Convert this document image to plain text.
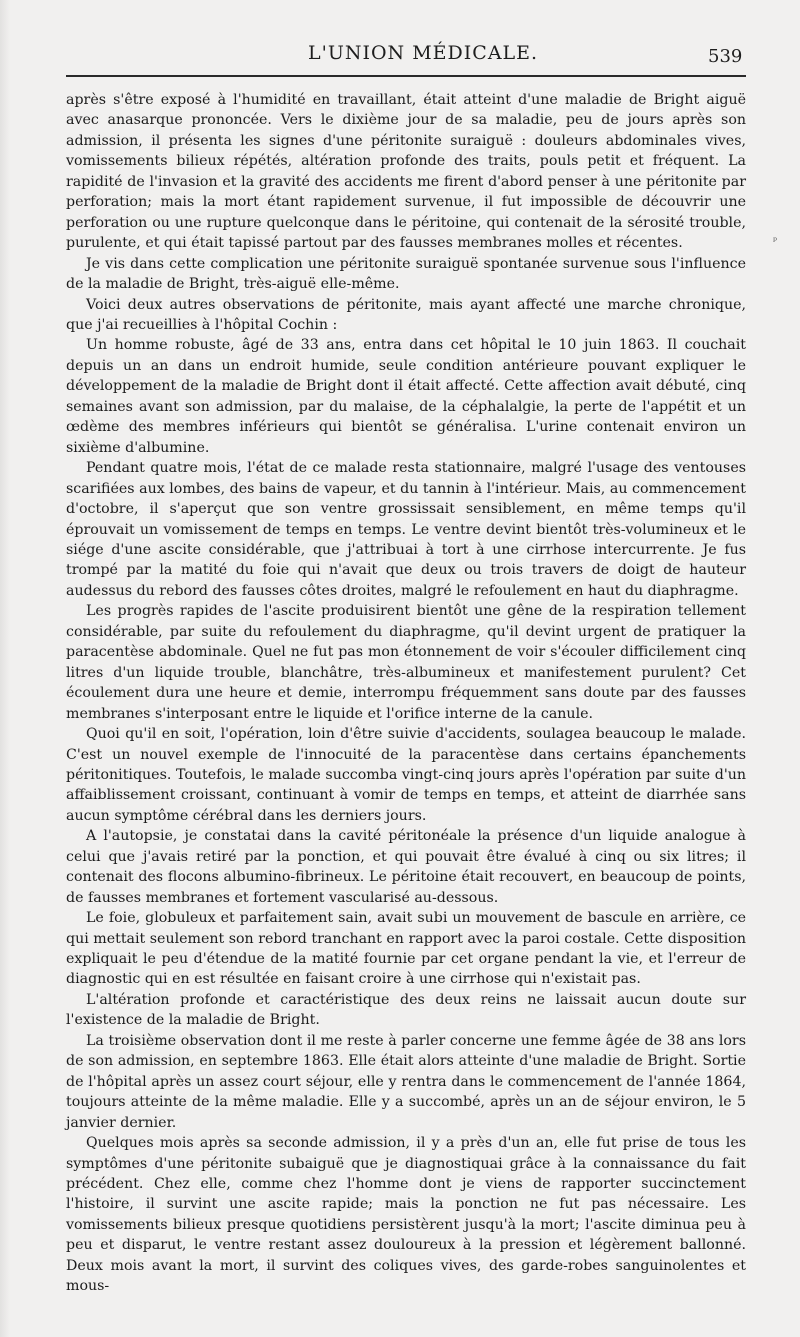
L'UNION MÉDICALE.	539
ᵖ

après s'être exposé à l'humidité en travaillant, était atteint d'une maladie de Bright aiguë avec anasarque prononcée. Vers le dixième jour de sa maladie, peu de jours après son admission, il présenta les signes d'une péritonite suraiguë : douleurs abdominales vives, vomissements bilieux répétés, altération profonde des traits, pouls petit et fréquent. La rapidité de l'invasion et la gravité des accidents me firent d'abord penser à une péritonite par perforation; mais la mort étant rapidement survenue, il fut impossible de découvrir une perforation ou une rupture quelconque dans le péritoine, qui contenait de la sérosité trouble, purulente, et qui était tapissé partout par des fausses membranes molles et récentes.

Je vis dans cette complication une péritonite suraiguë spontanée survenue sous l'influence de la maladie de Bright, très-aiguë elle-même.

Voici deux autres observations de péritonite, mais ayant affecté une marche chronique, que j'ai recueillies à l'hôpital Cochin :

Un homme robuste, âgé de 33 ans, entra dans cet hôpital le 10 juin 1863. Il couchait depuis un an dans un endroit humide, seule condition antérieure pouvant expliquer le développement de la maladie de Bright dont il était affecté. Cette affection avait débuté, cinq semaines avant son admission, par du malaise, de la céphalalgie, la perte de l'appétit et un œdème des membres inférieurs qui bientôt se généralisa. L'urine contenait environ un sixième d'albumine.

Pendant quatre mois, l'état de ce malade resta stationnaire, malgré l'usage des ventouses scarifiées aux lombes, des bains de vapeur, et du tannin à l'intérieur. Mais, au commencement d'octobre, il s'aperçut que son ventre grossissait sensiblement, en même temps qu'il éprouvait un vomissement de temps en temps. Le ventre devint bientôt très-volumineux et le siége d'une ascite considérable, que j'attribuai à tort à une cirrhose intercurrente. Je fus trompé par la matité du foie qui n'avait que deux ou trois travers de doigt de hauteur audessus du rebord des fausses côtes droites, malgré le refoulement en haut du diaphragme.

Les progrès rapides de l'ascite produisirent bientôt une gêne de la respiration tellement considérable, par suite du refoulement du diaphragme, qu'il devint urgent de pratiquer la paracentèse abdominale. Quel ne fut pas mon étonnement de voir s'écouler difficilement cinq litres d'un liquide trouble, blanchâtre, très-albumineux et manifestement purulent? Cet écoulement dura une heure et demie, interrompu fréquemment sans doute par des fausses membranes s'interposant entre le liquide et l'orifice interne de la canule.

Quoi qu'il en soit, l'opération, loin d'être suivie d'accidents, soulagea beaucoup le malade. C'est un nouvel exemple de l'innocuité de la paracentèse dans certains épanchements péritonitiques. Toutefois, le malade succomba vingt-cinq jours après l'opération par suite d'un affaiblissement croissant, continuant à vomir de temps en temps, et atteint de diarrhée sans aucun symptôme cérébral dans les derniers jours.

A l'autopsie, je constatai dans la cavité péritonéale la présence d'un liquide analogue à celui que j'avais retiré par la ponction, et qui pouvait être évalué à cinq ou six litres; il contenait des flocons albumino-fibrineux. Le péritoine était recouvert, en beaucoup de points, de fausses membranes et fortement vascularisé au-dessous.

Le foie, globuleux et parfaitement sain, avait subi un mouvement de bascule en arrière, ce qui mettait seulement son rebord tranchant en rapport avec la paroi costale. Cette disposition expliquait le peu d'étendue de la matité fournie par cet organe pendant la vie, et l'erreur de diagnostic qui en est résultée en faisant croire à une cirrhose qui n'existait pas.

L'altération profonde et caractéristique des deux reins ne laissait aucun doute sur l'existence de la maladie de Bright.

La troisième observation dont il me reste à parler concerne une femme âgée de 38 ans lors de son admission, en septembre 1863. Elle était alors atteinte d'une maladie de Bright. Sortie de l'hôpital après un assez court séjour, elle y rentra dans le commencement de l'année 1864, toujours atteinte de la même maladie. Elle y a succombé, après un an de séjour environ, le 5 janvier dernier.

Quelques mois après sa seconde admission, il y a près d'un an, elle fut prise de tous les symptômes d'une péritonite subaiguë que je diagnostiquai grâce à la connaissance du fait précédent. Chez elle, comme chez l'homme dont je viens de rapporter succinctement l'histoire, il survint une ascite rapide; mais la ponction ne fut pas nécessaire. Les vomissements bilieux presque quotidiens persistèrent jusqu'à la mort; l'ascite diminua peu à peu et disparut, le ventre restant assez douloureux à la pression et légèrement ballonné. Deux mois avant la mort, il survint des coliques vives, des garde-robes sanguinolentes et mous-
